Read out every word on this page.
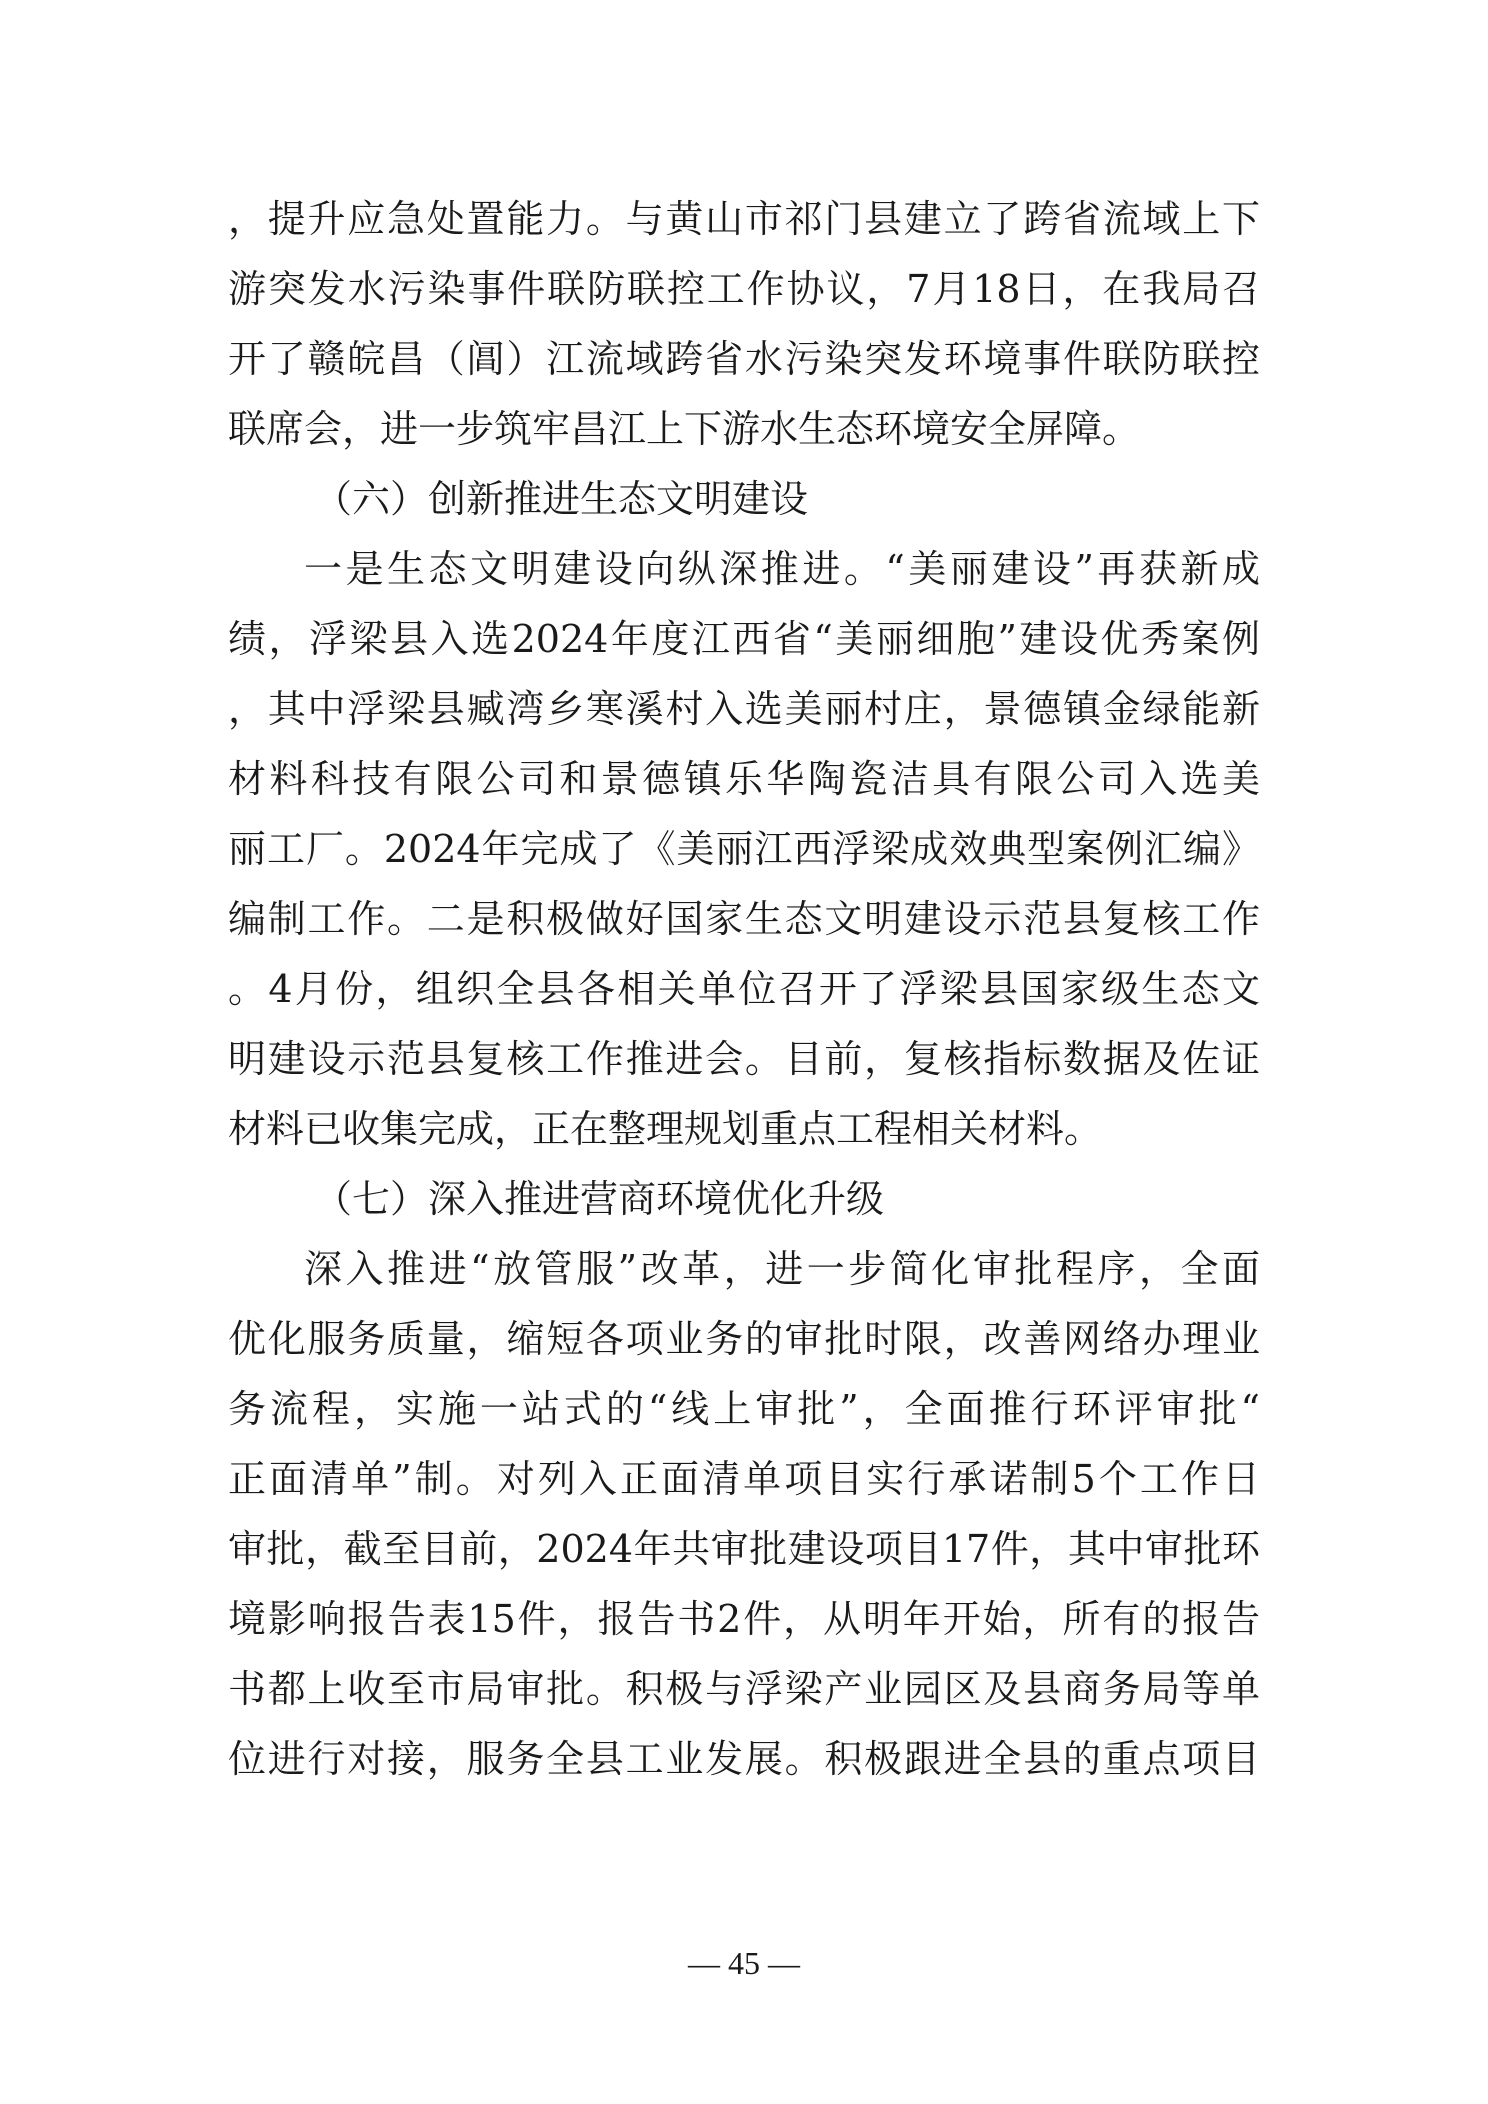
，提升应急处置能力。与黄山市祁门县建立了跨省流域上下
游突发水污染事件联防联控工作协议，7月18日，在我局召
开了赣皖昌（阊）江流域跨省水污染突发环境事件联防联控
联席会，进一步筑牢昌江上下游水生态环境安全屏障。
（六）创新推进生态文明建设
一是生态文明建设向纵深推进。“美丽建设”再获新成
绩，浮梁县入选2024年度江西省“美丽细胞”建设优秀案例
，其中浮梁县臧湾乡寒溪村入选美丽村庄，景德镇金绿能新
材料科技有限公司和景德镇乐华陶瓷洁具有限公司入选美
丽工厂。2024年完成了《美丽江西浮梁成效典型案例汇编》
编制工作。二是积极做好国家生态文明建设示范县复核工作
。4月份，组织全县各相关单位召开了浮梁县国家级生态文
明建设示范县复核工作推进会。目前，复核指标数据及佐证
材料已收集完成，正在整理规划重点工程相关材料。
（七）深入推进营商环境优化升级
深入推进“放管服”改革，进一步简化审批程序，全面
优化服务质量，缩短各项业务的审批时限，改善网络办理业
务流程，实施一站式的“线上审批”，全面推行环评审批“
正面清单”制。对列入正面清单项目实行承诺制5个工作日
审批，截至目前，2024年共审批建设项目17件，其中审批环
境影响报告表15件，报告书2件，从明年开始，所有的报告
书都上收至市局审批。积极与浮梁产业园区及县商务局等单
位进行对接，服务全县工业发展。积极跟进全县的重点项目
— 45 —
